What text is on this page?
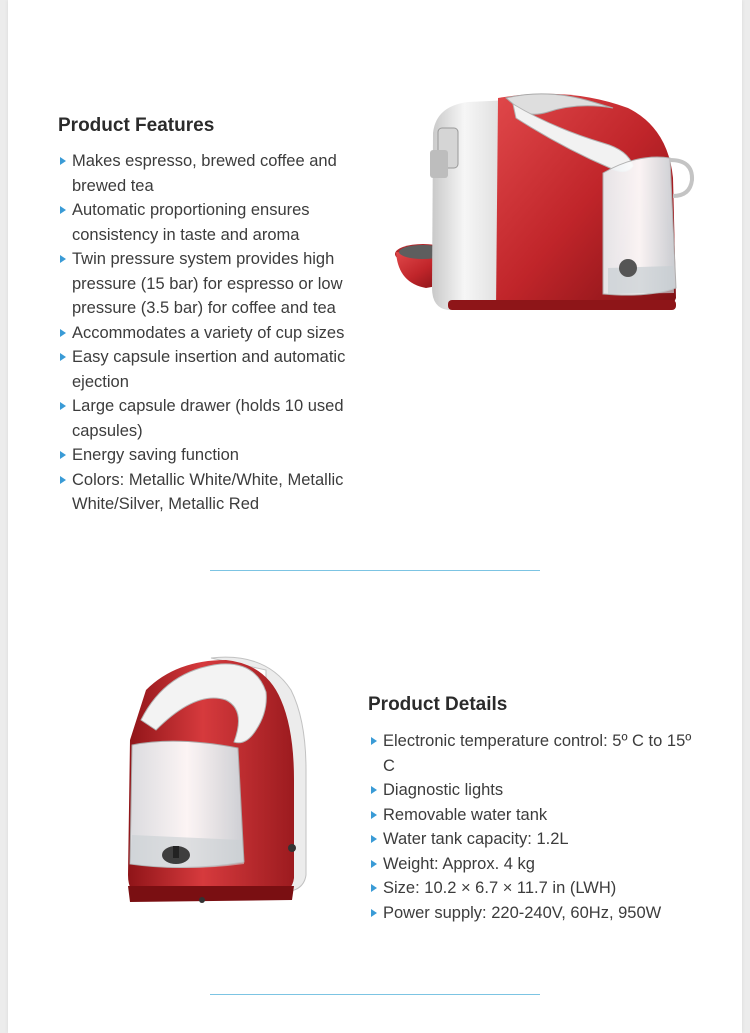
Product Features
Makes espresso, brewed coffee and brewed tea
Automatic proportioning ensures consistency in taste and aroma
Twin pressure system provides high pressure (15 bar) for espresso or low pressure (3.5 bar) for coffee and tea
Accommodates a variety of cup sizes
Easy capsule insertion and automatic ejection
Large capsule drawer (holds 10 used capsules)
Energy saving function
Colors: Metallic White/White, Metallic White/Silver, Metallic Red
Product Details
Electronic temperature control: 5º C to 15º C
Diagnostic lights
Removable water tank
Water tank capacity: 1.2L
Weight: Approx. 4 kg
Size: 10.2 × 6.7 × 11.7 in (LWH)
Power supply: 220-240V, 60Hz, 950W
